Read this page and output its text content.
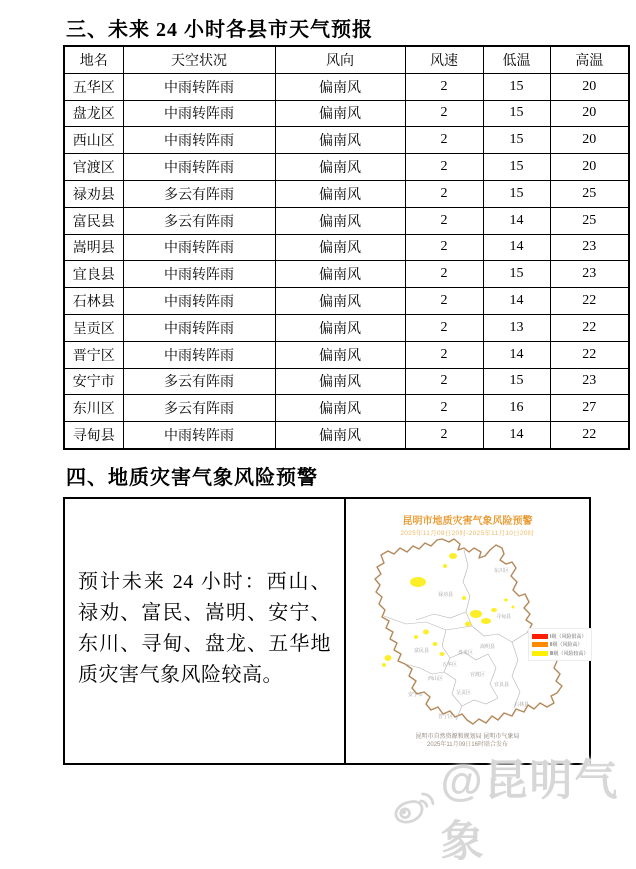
三、未来 24 小时各县市天气预报
地名	天空状况	风向	风速	低温	高温
五华区	中雨转阵雨	偏南风	2	15	20
盘龙区	中雨转阵雨	偏南风	2	15	20
西山区	中雨转阵雨	偏南风	2	15	20
官渡区	中雨转阵雨	偏南风	2	15	20
禄劝县	多云有阵雨	偏南风	2	15	25
富民县	多云有阵雨	偏南风	2	14	25
嵩明县	中雨转阵雨	偏南风	2	14	23
宜良县	中雨转阵雨	偏南风	2	15	23
石林县	中雨转阵雨	偏南风	2	14	22
呈贡区	中雨转阵雨	偏南风	2	13	22
晋宁区	中雨转阵雨	偏南风	2	14	22
安宁市	多云有阵雨	偏南风	2	15	23
东川区	多云有阵雨	偏南风	2	16	27
寻甸县	中雨转阵雨	偏南风	2	14	22
四、地质灾害气象风险预警
预计未来 24 小时：西山、禄劝、富民、嵩明、安宁、东川、寻甸、盘龙、五华地质灾害气象风险较高。
昆明市地质灾害气象风险预警
2025年11月09日20时-2025年11月10日20时
东川区
禄劝县
寻甸县
富民县	盘龙区
嵩明县
五华区
官渡区
西山区
宜良县
安宁市	呈贡区
晋宁区
石林县
Ⅰ级（风险很高）
Ⅱ级（风险高）
Ⅲ级（风险较高）
昆明市自然资源和规划局 昆明市气象局
2025年11月09日16时联合发布
@昆明气象
